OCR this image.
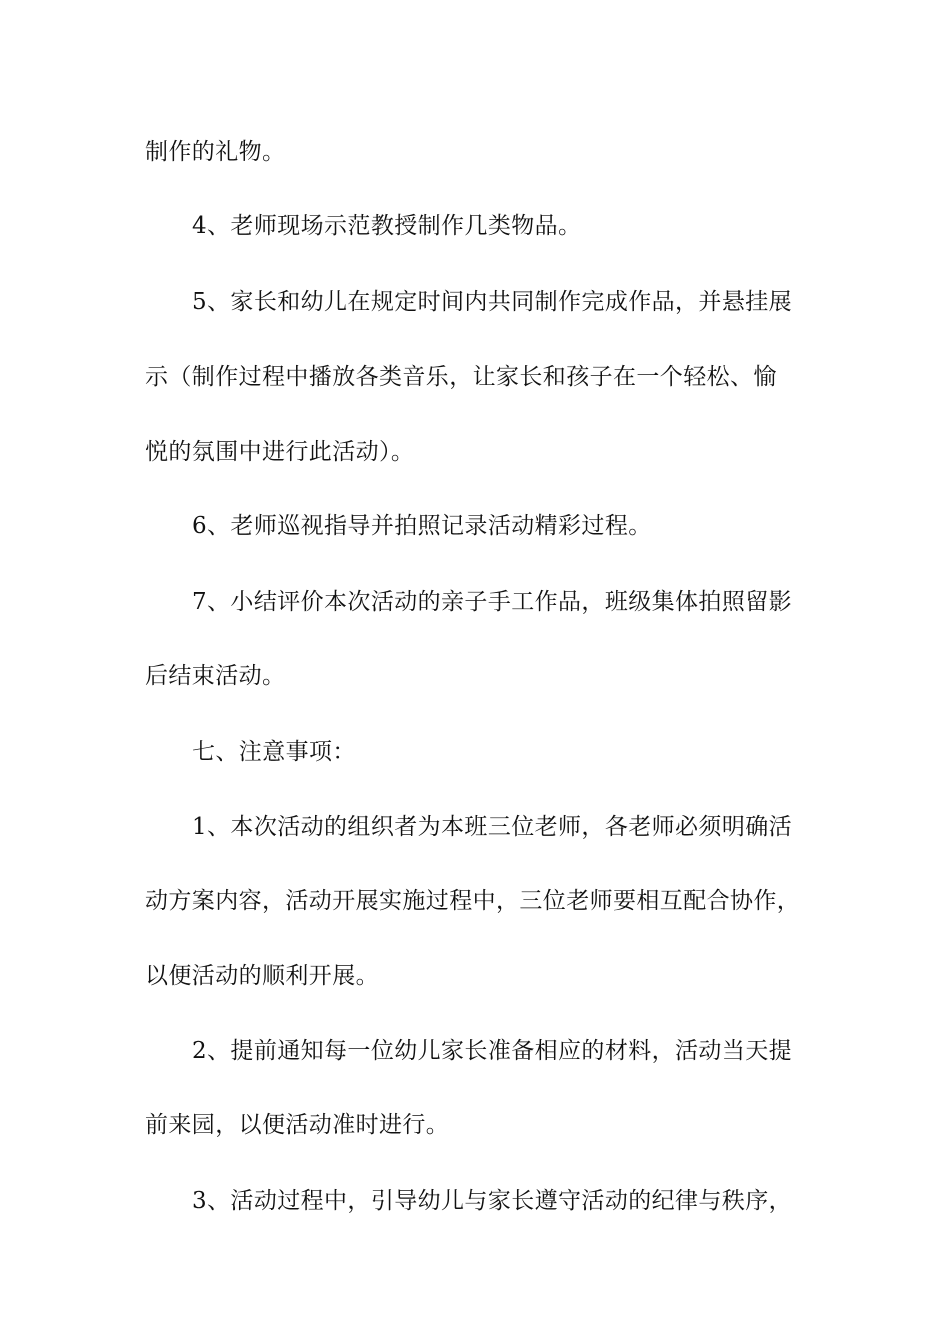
制作的礼物。

4、老师现场示范教授制作几类物品。

5、家长和幼儿在规定时间内共同制作完成作品，并悬挂展

示（制作过程中播放各类音乐，让家长和孩子在一个轻松、愉

悦的氛围中进行此活动）。

6、老师巡视指导并拍照记录活动精彩过程。

7、小结评价本次活动的亲子手工作品，班级集体拍照留影

后结束活动。

七、注意事项：

1、本次活动的组织者为本班三位老师，各老师必须明确活

动方案内容，活动开展实施过程中，三位老师要相互配合协作，

以便活动的顺利开展。

2、提前通知每一位幼儿家长准备相应的材料，活动当天提

前来园，以便活动准时进行。

3、活动过程中，引导幼儿与家长遵守活动的纪律与秩序，
